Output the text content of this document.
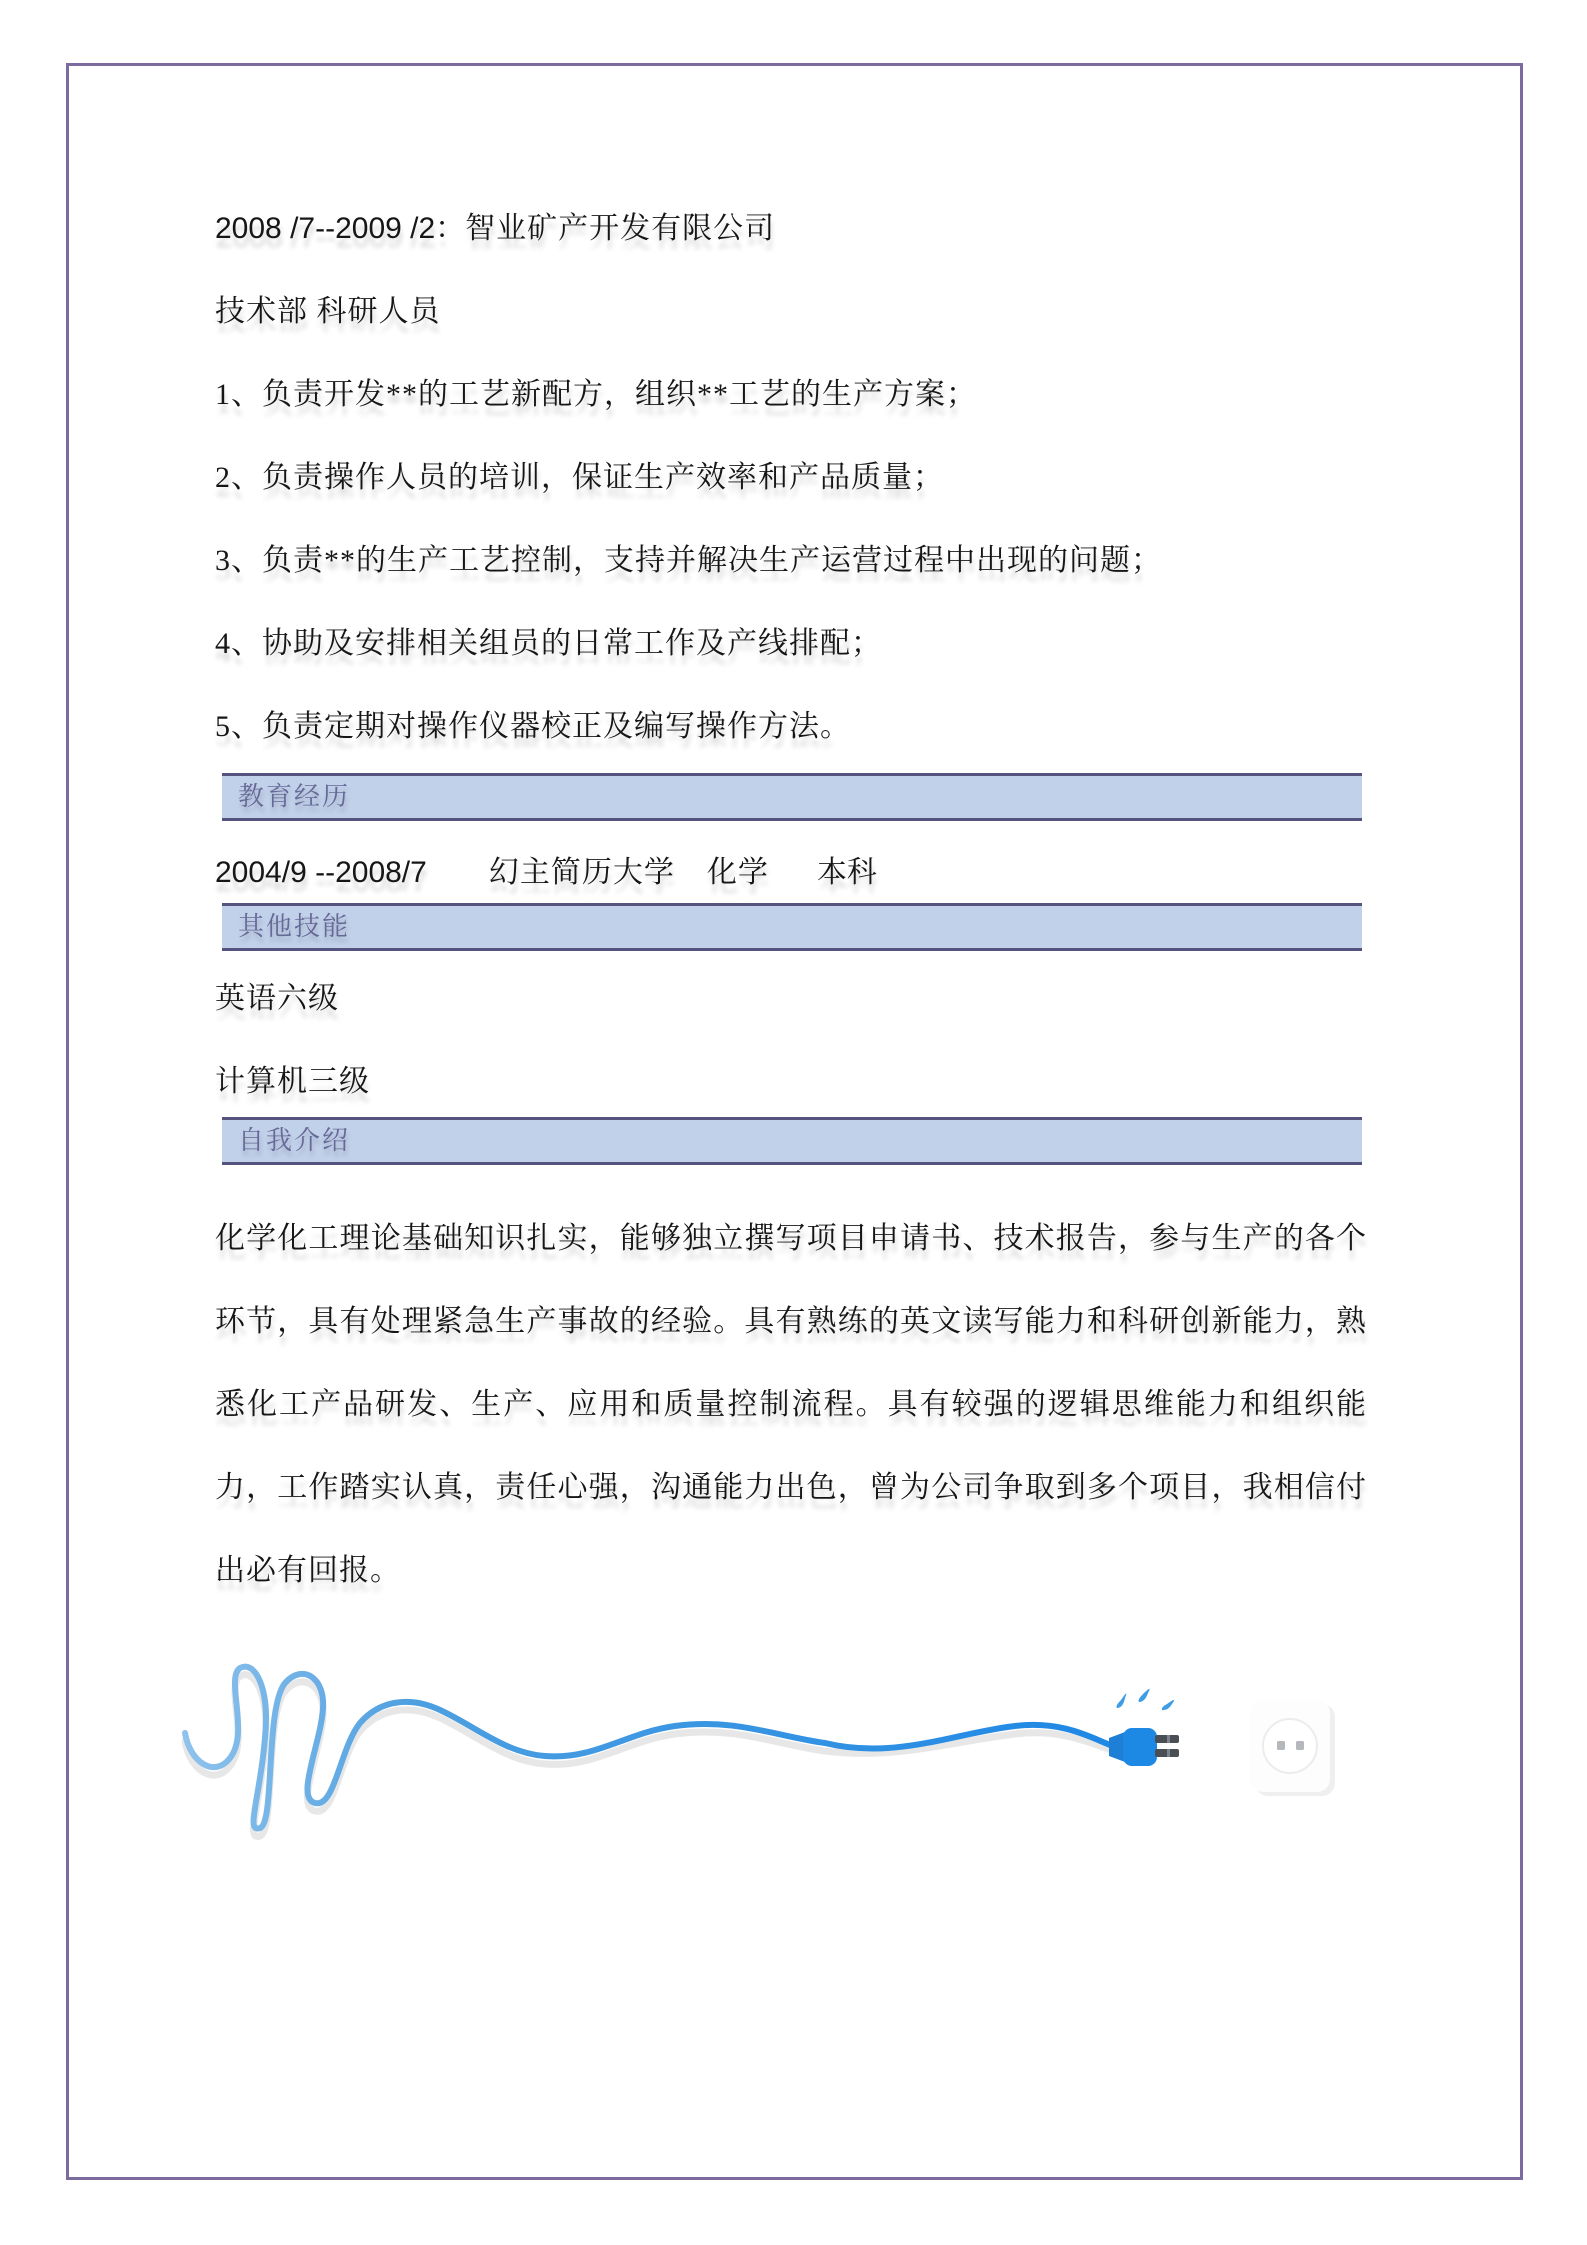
2008 /7--2009 /2：智业矿产开发有限公司

技术部 科研人员

1、负责开发**的工艺新配方，组织**工艺的生产方案；

2、负责操作人员的培训，保证生产效率和产品质量；

3、负责**的生产工艺控制，支持并解决生产运营过程中出现的问题；

4、协助及安排相关组员的日常工作及产线排配；

5、负责定期对操作仪器校正及编写操作方法。

教育经历

2004/9 --2008/7 幻主简历大学 化学 本科

其他技能

英语六级

计算机三级

自我介绍

化学化工理论基础知识扎实，能够独立撰写项目申请书、技术报告，参与生产的各个环节，具有处理紧急生产事故的经验。具有熟练的英文读写能力和科研创新能力，熟悉化工产品研发、生产、应用和质量控制流程。具有较强的逻辑思维能力和组织能力，工作踏实认真，责任心强，沟通能力出色，曾为公司争取到多个项目，我相信付出必有回报。
